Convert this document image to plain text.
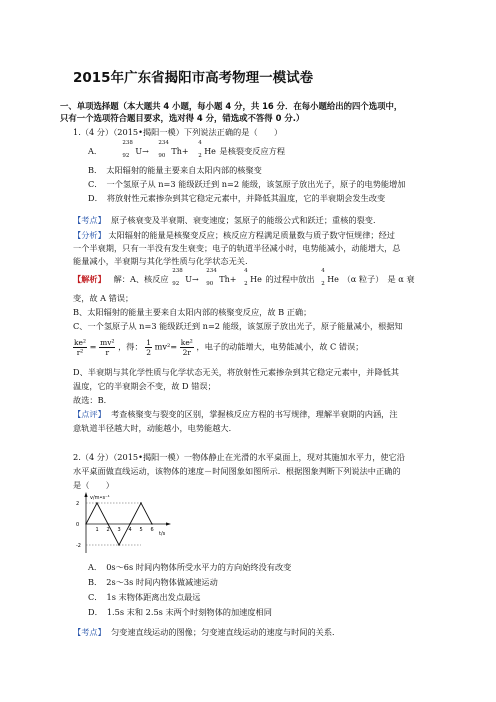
2015年广东省揭阳市高考物理一模试卷
一、单项选择题（本大题共 4 小题，每小题 4 分，共 16 分．在每小题给出的四个选项中，
只有一个选项符合题目要求，选对得 4 分，错选或不答得 0 分.）
1.（4 分）（2015•揭阳一模）下列说法正确的是（　　）
A．
238
92 U→
234
90 Th+
4
2 He 是核裂变反应方程
B．　太阳辐射的能量主要来自太阳内部的核聚变
C．　一个氢原子从 n=3 能级跃迁到 n=2 能级，该氢原子放出光子，原子的电势能增加
D．　将放射性元素掺杂到其它稳定元素中，并降低其温度，它的半衰期会发生改变
【考点】 原子核衰变及半衰期、衰变速度；氢原子的能级公式和跃迁；重核的裂变．
【分析】 太阳辐射的能量是核聚变反应；核反应方程满足质量数与质子数守恒规律；经过
一个半衰期，只有一半没有发生衰变；电子的轨道半径减小时，电势能减小，动能增大，总
能量减小，半衰期与其化学性质与化学状态无关.
【解析】 解：A、核反应
238
92 U→
234
90 Th+
4
2 He 的过程中放出
4
2 He （α 粒子）　是 α 衰
变，故 A 错误；
B、太阳辐射的能量主要来自太阳内部的核聚变反应，故 B 正确；
C、一个氢原子从 n=3 能级跃迁到 n=2 能级，该氢原子放出光子，原子能量减小，根据知
$\frac{\text{ke²}}{\text{r²}} = \frac{\text{mv²}}{r}$ ，得： $\frac{1}{2} mv^2= \frac{\text{ke²}}{2r}$ ，电子的动能增大，电势能减小，故 C 错误；
D、半衰期与其化学性质与化学状态无关，将放射性元素掺杂到其它稳定元素中，并降低其
温度，它的半衰期会不变，故 D 错误；
故选：B．
【点评】 考查核聚变与裂变的区别，掌握核反应方程的书写规律，理解半衰期的内涵，注
意轨道半径越大时，动能越小，电势能越大．
2.（4 分）（2015•揭阳一模）一物体静止在光滑的水平桌面上，现对其施加水平力，使它沿
水平桌面做直线运动，该物体的速度－时间图象如图所示．根据图象判断下列说法中正确的
是（　　）
v/m•s⁻¹
t/s
1 2 3 4 5 6
2
0
-2
A．　0s～6s 时间内物体所受水平力的方向始终没有改变
B．　2s～3s 时间内物体做减速运动
C．　1s 末物体距离出发点最远
D．　1.5s 末和 2.5s 末两个时刻物体的加速度相同
【考点】 匀变速直线运动的图像；匀变速直线运动的速度与时间的关系．
